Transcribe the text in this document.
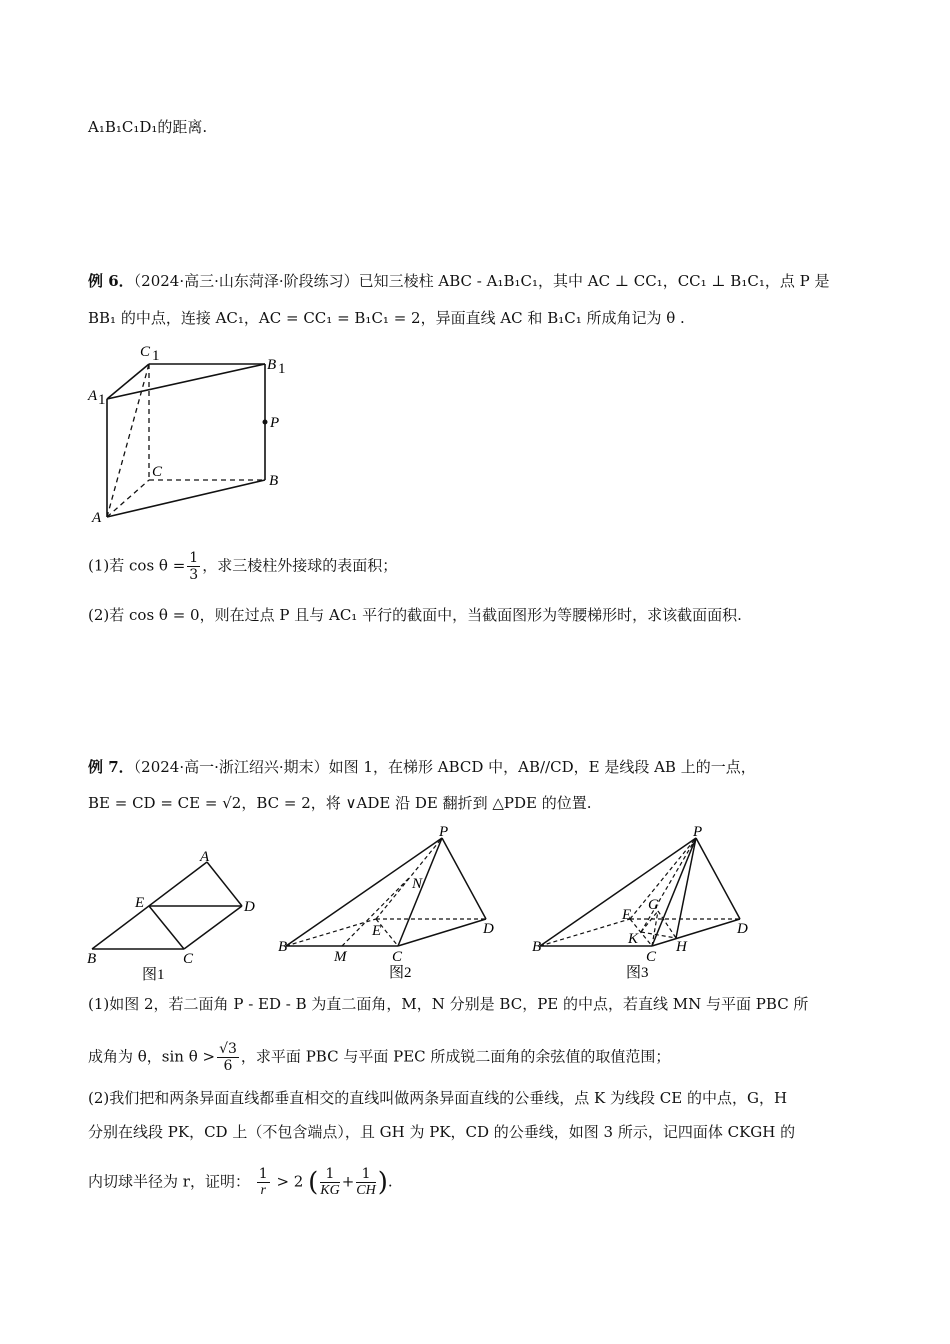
A₁B₁C₁D₁的距离.
例 6．（2024·高三·山东菏泽·阶段练习）已知三棱柱 ABC - A₁B₁C₁，其中 AC ⊥ CC₁，CC₁ ⊥ B₁C₁，点 P 是
BB₁ 的中点，连接 AC₁，AC = CC₁ = B₁C₁ = 2，异面直线 AC 和 B₁C₁ 所成角记为 θ .
C 1
B 1
A 1
P
C
B
A
(1)若 $\cos \theta = \frac{1}{3}$ ，求三棱柱外接球的表面积；
(2)若 cos θ = 0，则在过点 P 且与 AC₁ 平行的截面中，当截面图形为等腰梯形时，求该截面面积.
例 7．（2024·高一·浙江绍兴·期末）如图 1，在梯形 ABCD 中，AB//CD，E 是线段 AB 上的一点，
BE = CD = CE = √2，BC = 2，将 ∨ADE 沿 DE 翻折到 △PDE 的位置.
A
E	D
B	C
图1
P
N
E	D
B
M	C
图2
P
G
E
D
B	K
C
H
图3
(1)如图 2，若二面角 P - ED - B 为直二面角，M，N 分别是 BC，PE 的中点，若直线 MN 与平面 PBC 所
成角为 θ，$\sin \theta > \frac{√3}{6}$ ，求平面 PBC 与平面 PEC 所成锐二面角的余弦值的取值范围；
(2)我们把和两条异面直线都垂直相交的直线叫做两条异面直线的公垂线，点 K 为线段 CE 的中点，G，H
分别在线段 PK，CD 上（不包含端点），且 GH 为 PK，CD 的公垂线，如图 3 所示，记四面体 CKGH 的
内切球半径为 r，证明： $\frac{1}{r} > 2$ ( $\frac{1}{KG} + \frac{1}{CH}$ ).
